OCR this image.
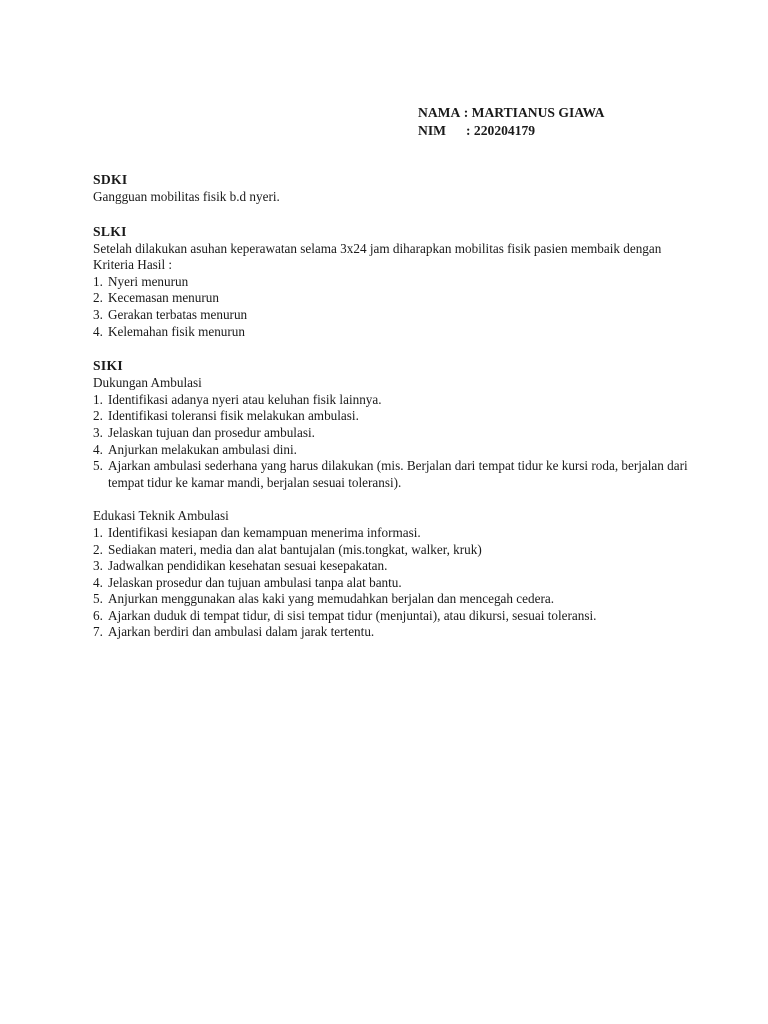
NAMA
: MARTIANUS GIAWA
NIM	: 220204179
SDKI

Gangguan mobilitas fisik b.d nyeri.

SLKI

Setelah dilakukan asuhan keperawatan selama 3x24 jam diharapkan mobilitas fisik pasien membaik dengan Kriteria Hasil :

1. Nyeri menurun
2. Kecemasan menurun
3. Gerakan terbatas menurun
4. Kelemahan fisik menurun
SIKI

Dukungan Ambulasi

1. Identifikasi adanya nyeri atau keluhan fisik lainnya.
2. Identifikasi toleransi fisik melakukan ambulasi.
3. Jelaskan tujuan dan prosedur ambulasi.
4. Anjurkan melakukan ambulasi dini.
5. Ajarkan ambulasi sederhana yang harus dilakukan (mis. Berjalan dari tempat tidur ke kursi roda, berjalan dari tempat tidur ke kamar mandi, berjalan sesuai toleransi).

Edukasi Teknik Ambulasi

1. Identifikasi kesiapan dan kemampuan menerima informasi.
2. Sediakan materi, media dan alat bantujalan (mis.tongkat, walker, kruk)
3. Jadwalkan pendidikan kesehatan sesuai kesepakatan.
4. Jelaskan prosedur dan tujuan ambulasi tanpa alat bantu.
5. Anjurkan menggunakan alas kaki yang memudahkan berjalan dan mencegah cedera.
6. Ajarkan duduk di tempat tidur, di sisi tempat tidur (menjuntai), atau dikursi, sesuai toleransi.
7. Ajarkan berdiri dan ambulasi dalam jarak tertentu.
